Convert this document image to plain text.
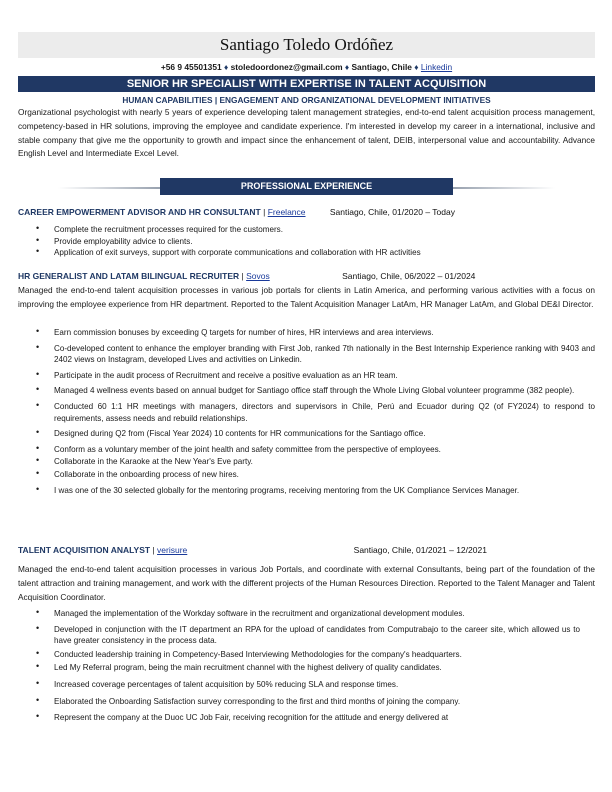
Santiago Toledo Ordóñez
+56 9 45501351 ♦ stoledoordonez@gmail.com ♦ Santiago, Chile ♦ Linkedin
SENIOR HR SPECIALIST WITH EXPERTISE IN TALENT ACQUISITION
HUMAN CAPABILITIES | ENGAGEMENT AND ORGANIZATIONAL DEVELOPMENT INITIATIVES

Organizational psychologist with nearly 5 years of experience developing talent management strategies, end-to-end talent acquisition process management, competency-based in HR solutions, improving the employee and candidate experience. I'm interested in develop my career in a international, inclusive and stable company that give me the opportunity to growth and impact since the enhancement of talent, DEIB, interpersonal value and accountability. Advance English Level and Intermediate Excel Level.

PROFESSIONAL EXPERIENCE
CAREER EMPOWERMENT ADVISOR AND HR CONSULTANT | Freelance	Santiago, Chile, 01/2020 – Today
• Complete the recruitment processes required for the customers.
• Provide employability advice to clients.
• Application of exit surveys, support with corporate communications and collaboration with HR activities
HR GENERALIST AND LATAM BILINGUAL RECRUITER | Sovos	Santiago, Chile, 06/2022 – 01/2024

Managed the end-to-end talent acquisition processes in various job portals for clients in Latin America, and performing various activities with a focus on improving the employee experience from HR department. Reported to the Talent Acquisition Manager LatAm, HR Manager LatAm, and Global DE&I Director.

• Earn commission bonuses by exceeding Q targets for number of hires, HR interviews and area interviews.
• Co-developed content to enhance the employer branding with First Job, ranked 7th nationally in the Best Internship Experience ranking with 9403 and 2402 views on Instagram, developed Lives and activities on Linkedin.
• Participate in the audit process of Recruitment and receive a positive evaluation as an HR team.
• Managed 4 wellness events based on annual budget for Santiago office staff through the Whole Living Global volunteer programme (382 people).
• Conducted 60 1:1 HR meetings with managers, directors and supervisors in Chile, Perú and Ecuador during Q2 (of FY2024) to respond to requirements, assess needs and rebuild relationships.
• Designed during Q2 from (Fiscal Year 2024) 10 contents for HR communications for the Santiago office.
• Conform as a voluntary member of the joint health and safety committee from the perspective of employees.
• Collaborate in the Karaoke at the New Year's Eve party.
• Collaborate in the onboarding process of new hires.
• I was one of the 30 selected globally for the mentoring programs, receiving mentoring from the UK Compliance Services Manager.
TALENT ACQUISITION ANALYST | verisure	Santiago, Chile, 01/2021 – 12/2021

Managed the end-to-end talent acquisition processes in various Job Portals, and coordinate with external Consultants, being part of the foundation of the talent attraction and training management, and work with the different projects of the Human Resources Direction. Reported to the Talent Manager and Talent Acquisition Coordinator.

• Managed the implementation of the Workday software in the recruitment and organizational development modules.
• Developed in conjunction with the IT department an RPA for the upload of candidates from Computrabajo to the career site, which allowed us to have greater consistency in the process data.
• Conducted leadership training in Competency-Based Interviewing Methodologies for the company's headquarters.
• Led My Referral program, being the main recruitment channel with the highest delivery of quality candidates.
• Increased coverage percentages of talent acquisition by 50% reducing SLA and response times.
• Elaborated the Onboarding Satisfaction survey corresponding to the first and third months of joining the company.
• Represent the company at the Duoc UC Job Fair, receiving recognition for the attitude and energy delivered at
